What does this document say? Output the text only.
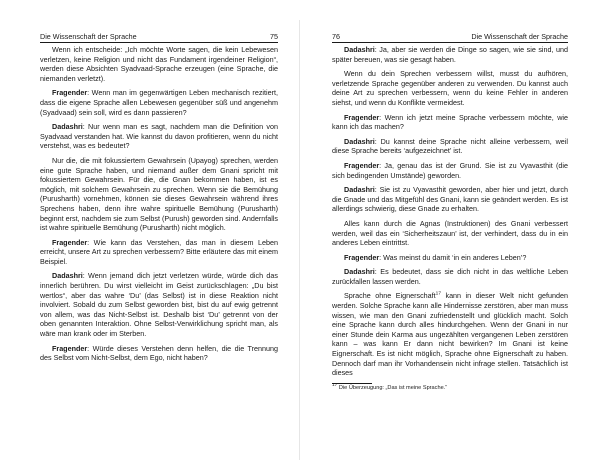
Die Wissenschaft der Sprache	75

Wenn ich entscheide: „Ich möchte Worte sagen, die kein Lebewesen verletzen, keine Religion und nicht das Fundament irgendeiner Religion“, werden diese Absichten Syadvaad-Sprache erzeugen (eine Sprache, die niemanden verletzt).

Fragender: Wenn man im gegenwärtigen Leben mechanisch rezitiert, dass die eigene Sprache allen Lebewesen gegenüber süß und angenehm (Syadvaad) sein soll, wird es dann passieren?

Dadashri: Nur wenn man es sagt, nachdem man die Definition von Syadvaad verstanden hat. Wie kannst du davon profitieren, wenn du nicht verstehst, was es bedeutet?

Nur die, die mit fokussiertem Gewahrsein (Upayog) sprechen, werden eine gute Sprache haben, und niemand außer dem Gnani spricht mit fokussiertem Gewahrsein. Für die, die Gnan bekommen haben, ist es möglich, mit solchem Gewahrsein zu sprechen. Wenn sie die Bemühung (Purusharth) vornehmen, können sie dieses Gewahrsein während ihres Sprechens haben, denn ihre wahre spirituelle Bemühung (Purusharth) beginnt erst, nachdem sie zum Selbst (Purush) geworden sind. Andernfalls ist wahre spirituelle Bemühung (Purusharth) nicht möglich.

Fragender: Wie kann das Verstehen, das man in diesem Leben erreicht, unsere Art zu sprechen verbessern? Bitte erläutere das mit einem Beispiel.

Dadashri: Wenn jemand dich jetzt verletzen würde, würde dich das innerlich berühren. Du wirst vielleicht im Geist zurückschlagen: „Du bist wertlos“, aber das wahre ‘Du’ (das Selbst) ist in diese Reaktion nicht involviert. Sobald du zum Selbst geworden bist, bist du auf ewig getrennt von allem, was das Nicht-Selbst ist. Deshalb bist ‘Du’ getrennt von der oben genannten Interaktion. Ohne Selbst-Verwirklichung spricht man, als wäre man krank oder im Sterben.

Fragender: Würde dieses Verstehen denn helfen, die die Trennung des Selbst vom Nicht-Selbst, dem Ego, nicht haben?

76	Die Wissenschaft der Sprache

Dadashri: Ja, aber sie werden die Dinge so sagen, wie sie sind, und später bereuen, was sie gesagt haben.

Wenn du dein Sprechen verbessern willst, musst du aufhören, verletzende Sprache gegenüber anderen zu verwenden. Du kannst auch deine Art zu sprechen verbessern, wenn du keine Fehler in anderen siehst, und wenn du Konflikte vermeidest.

Fragender: Wenn ich jetzt meine Sprache verbessern möchte, wie kann ich das machen?

Dadashri: Du kannst deine Sprache nicht alleine verbessern, weil diese Sprache bereits ‘aufgezeichnet’ ist.

Fragender: Ja, genau das ist der Grund. Sie ist zu Vyavasthit (die sich bedingenden Umstände) geworden.

Dadashri: Sie ist zu Vyavasthit geworden, aber hier und jetzt, durch die Gnade und das Mitgefühl des Gnani, kann sie geändert werden. Es ist allerdings schwierig, diese Gnade zu erhalten.

Alles kann durch die Agnas (Instruktionen) des Gnani verbessert werden, weil das ein ‘Sicherheitszaun’ ist, der verhindert, dass du in ein anderes Leben eintrittst.

Fragender: Was meinst du damit ‘in ein anderes Leben’?

Dadashri: Es bedeutet, dass sie dich nicht in das weltliche Leben zurückfallen lassen werden.

Sprache ohne Eignerschaft$^{17}$ kann in dieser Welt nicht gefunden werden. Solche Sprache kann alle Hindernisse zerstören, aber man muss wissen, wie man den Gnani zufriedenstellt und glücklich macht. Solch eine Sprache kann durch alles hindurchgehen. Wenn der Gnani in nur einer Stunde dein Karma aus ungezählten vergangenen Leben zerstören kann – was kann Er dann nicht bewirken? Im Gnani ist keine Eignerschaft. Es ist nicht möglich, Sprache ohne Eignerschaft zu haben. Dennoch darf man ihr Vorhandensein nicht infrage stellen. Tatsächlich ist dieses

$^{17}$ Die Überzeugung: „Das ist meine Sprache.“
